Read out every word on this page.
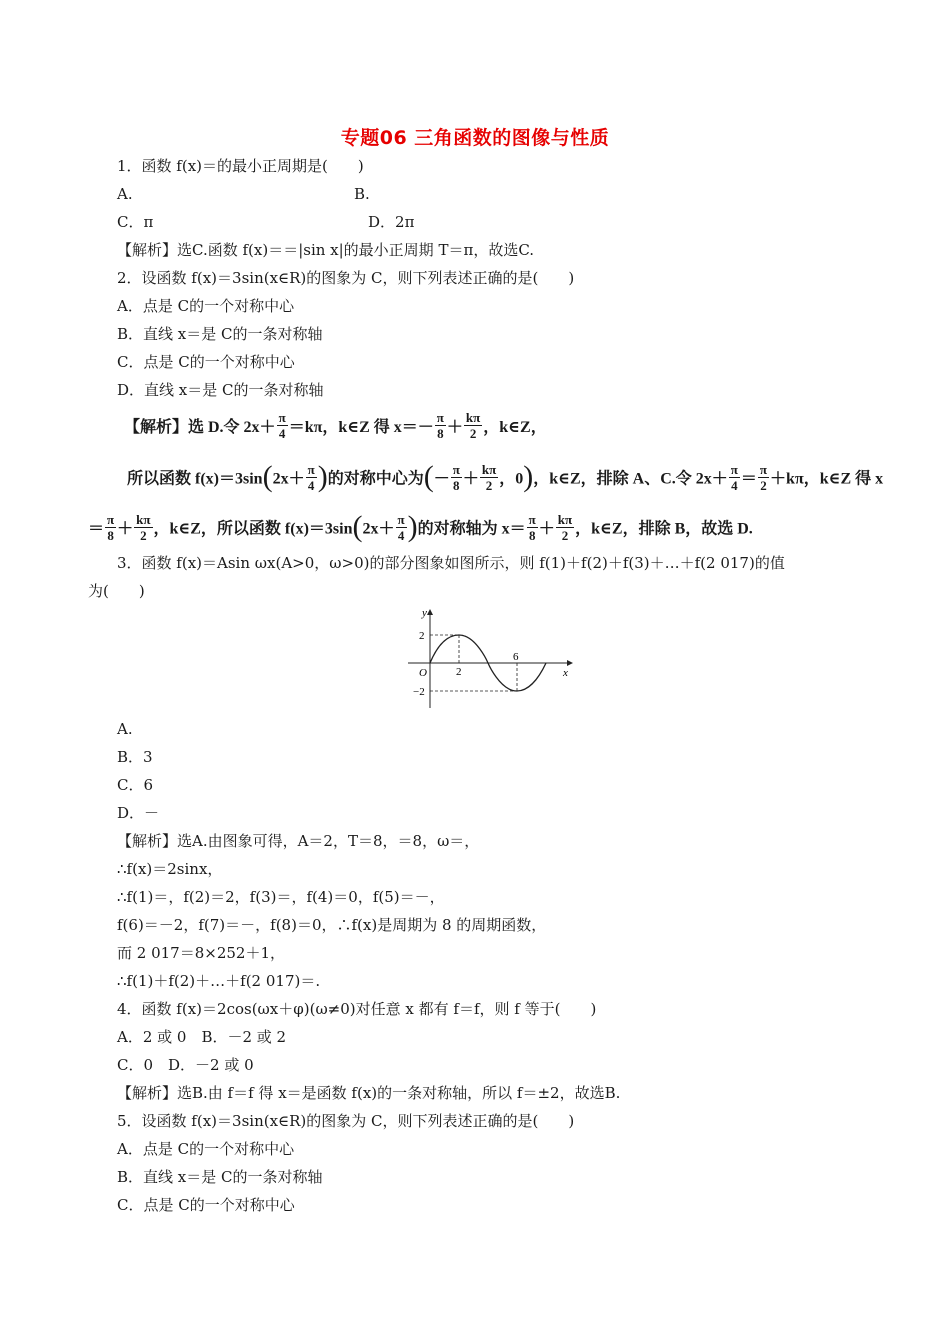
专题06 三角函数的图像与性质
1．函数 f(x)＝的最小正周期是(　　)
A.	B.
C．π	D．2π
【解析】选C.函数 f(x)＝＝|sin x|的最小正周期 T＝π，故选C.
2．设函数 f(x)＝3sin(x∈R)的图象为 C，则下列表述正确的是(　　)
A．点是 C的一个对称中心
B．直线 x＝是 C的一条对称轴
C．点是 C的一个对称中心
D．直线 x＝是 C的一条对称轴
【解析】选 D.令 $2x+ \frac{\pi}{4} =k\pi$，k∈Z 得 $x=- \frac{\pi}{8} + \frac{k\pi}{2}$ ，k∈Z，
所以函数 $f(x)=3\sin(2x+ \frac{\pi}{4}$ )的对称中心为(－ $\frac{\pi}{8} + \frac{k\pi}{2}$ ，0)，k∈Z，排除 A、C.令 $2x+ \frac{\pi}{4} = \frac{\pi}{2} +k\pi$，k∈Z 得 x
＝ $\frac{\pi}{8} + \frac{k\pi}{2}$ ，k∈Z，所以函数 $f(x)=3\sin(2x+ \frac{\pi}{4}$ )的对称轴为 $x= \frac{\pi}{8} + \frac{k\pi}{2}$ ，k∈Z，排除 B，故选 D.
3．函数 f(x)＝Asin ωx(A>0，ω>0)的部分图象如图所示，则 f(1)＋f(2)＋f(3)＋…＋f(2 017)的值
为(　　)
y
x
O
2
−2
2
6
A.
B．3
C．6
D．－
【解析】选A.由图象可得，A＝2，T＝8，＝8，ω＝，
∴f(x)＝2sinx，
∴f(1)＝，f(2)＝2，f(3)＝，f(4)＝0，f(5)＝－，
f(6)＝－2，f(7)＝－，f(8)＝0，∴f(x)是周期为 8 的周期函数，
而 2 017＝8×252＋1，
∴f(1)＋f(2)＋…＋f(2 017)＝.
4．函数 f(x)＝2cos(ωx＋φ)(ω≠0)对任意 x 都有 f＝f，则 f 等于(　　)
A．2 或 0　B．－2 或 2
C．0　D．－2 或 0
【解析】选B.由 f＝f 得 x＝是函数 f(x)的一条对称轴，所以 f＝±2，故选B.
5．设函数 f(x)＝3sin(x∈R)的图象为 C，则下列表述正确的是(　　)
A．点是 C的一个对称中心
B．直线 x＝是 C的一条对称轴
C．点是 C的一个对称中心
